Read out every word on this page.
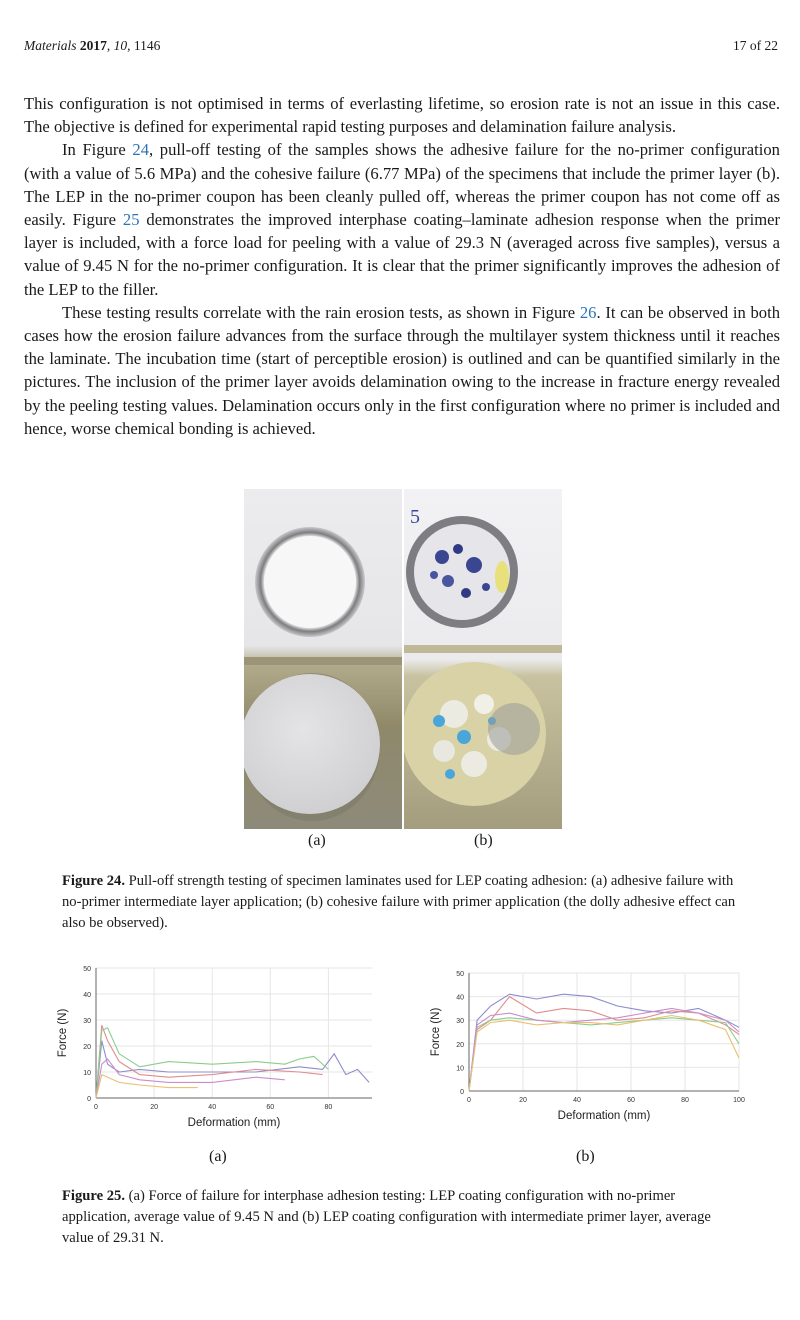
Materials 2017, 10, 1146	17 of 22

This configuration is not optimised in terms of everlasting lifetime, so erosion rate is not an issue in this case. The objective is defined for experimental rapid testing purposes and delamination failure analysis.

In Figure 24, pull-off testing of the samples shows the adhesive failure for the no-primer configuration (with a value of 5.6 MPa) and the cohesive failure (6.77 MPa) of the specimens that include the primer layer (b). The LEP in the no-primer coupon has been cleanly pulled off, whereas the primer coupon has not come off as easily. Figure 25 demonstrates the improved interphase coating–laminate adhesion response when the primer layer is included, with a force load for peeling with a value of 29.3 N (averaged across five samples), versus a value of 9.45 N for the no-primer configuration. It is clear that the primer significantly improves the adhesion of the LEP to the filler.

These testing results correlate with the rain erosion tests, as shown in Figure 26. It can be observed in both cases how the erosion failure advances from the surface through the multilayer system thickness until it reaches the laminate. The incubation time (start of perceptible erosion) is outlined and can be quantified similarly in the pictures. The inclusion of the primer layer avoids delamination owing to the increase in fracture energy revealed by the peeling testing values. Delamination occurs only in the first configuration where no primer is included and hence, worse chemical bonding is achieved.

5
(a)	(b)
Figure 24. Pull-off strength testing of specimen laminates used for LEP coating adhesion: (a) adhesive failure with no-primer intermediate layer application; (b) cohesive failure with primer application (the dolly adhesive effect can also be observed).
0
10
20
30
40
50
0	20	40	60	80
Deformation (mm)
Force (N)
0
10
20
30
40
50
0	20	40	60	80	100
Deformation (mm)
Force (N)
(a)	(b)
Figure 25. (a) Force of failure for interphase adhesion testing: LEP coating configuration with no-primer application, average value of 9.45 N and (b) LEP coating configuration with intermediate primer layer, average value of 29.31 N.
